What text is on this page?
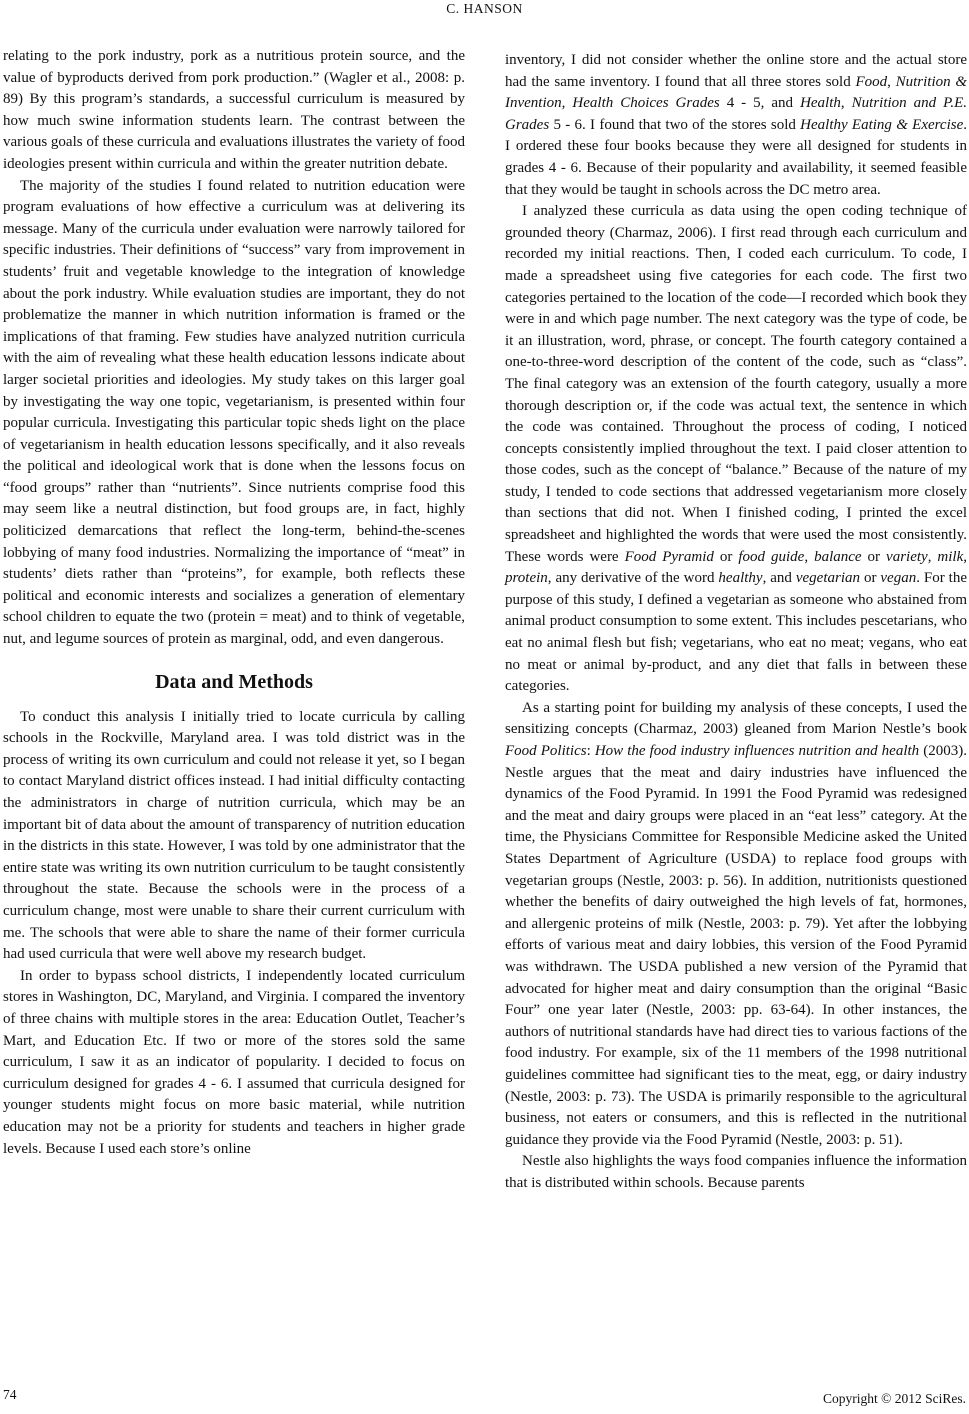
C. HANSON

relating to the pork industry, pork as a nutritious protein source, and the value of byproducts derived from pork production.” (Wagler et al., 2008: p. 89) By this program’s standards, a successful curriculum is measured by how much swine information students learn. The contrast between the various goals of these curricula and evaluations illustrates the variety of food ideologies present within curricula and within the greater nutrition debate.

The majority of the studies I found related to nutrition education were program evaluations of how effective a curriculum was at delivering its message. Many of the curricula under evaluation were narrowly tailored for specific industries. Their definitions of “success” vary from improvement in students’ fruit and vegetable knowledge to the integration of knowledge about the pork industry. While evaluation studies are important, they do not problematize the manner in which nutrition information is framed or the implications of that framing. Few studies have analyzed nutrition curricula with the aim of revealing what these health education lessons indicate about larger societal priorities and ideologies. My study takes on this larger goal by investigating the way one topic, vegetarianism, is presented within four popular curricula. Investigating this particular topic sheds light on the place of vegetarianism in health education lessons specifically, and it also reveals the political and ideological work that is done when the lessons focus on “food groups” rather than “nutrients”. Since nutrients comprise food this may seem like a neutral distinction, but food groups are, in fact, highly politicized demarcations that reflect the long-term, behind-the-scenes lobbying of many food industries. Normalizing the importance of “meat” in students’ diets rather than “proteins”, for example, both reflects these political and economic interests and socializes a generation of elementary school children to equate the two (protein = meat) and to think of vegetable, nut, and legume sources of protein as marginal, odd, and even dangerous.

Data and Methods

To conduct this analysis I initially tried to locate curricula by calling schools in the Rockville, Maryland area. I was told district was in the process of writing its own curriculum and could not release it yet, so I began to contact Maryland district offices instead. I had initial difficulty contacting the administrators in charge of nutrition curricula, which may be an important bit of data about the amount of transparency of nutrition education in the districts in this state. However, I was told by one administrator that the entire state was writing its own nutrition curriculum to be taught consistently throughout the state. Because the schools were in the process of a curriculum change, most were unable to share their current curriculum with me. The schools that were able to share the name of their former curricula had used curricula that were well above my research budget.

In order to bypass school districts, I independently located curriculum stores in Washington, DC, Maryland, and Virginia. I compared the inventory of three chains with multiple stores in the area: Education Outlet, Teacher’s Mart, and Education Etc. If two or more of the stores sold the same curriculum, I saw it as an indicator of popularity. I decided to focus on curriculum designed for grades 4 - 6. I assumed that curricula designed for younger students might focus on more basic material, while nutrition education may not be a priority for students and teachers in higher grade levels. Because I used each store’s online

inventory, I did not consider whether the online store and the actual store had the same inventory. I found that all three stores sold Food, Nutrition & Invention, Health Choices Grades 4 - 5, and Health, Nutrition and P.E. Grades 5 - 6. I found that two of the stores sold Healthy Eating & Exercise. I ordered these four books because they were all designed for students in grades 4 - 6. Because of their popularity and availability, it seemed feasible that they would be taught in schools across the DC metro area.

I analyzed these curricula as data using the open coding technique of grounded theory (Charmaz, 2006). I first read through each curriculum and recorded my initial reactions. Then, I coded each curriculum. To code, I made a spreadsheet using five categories for each code. The first two categories pertained to the location of the code—I recorded which book they were in and which page number. The next category was the type of code, be it an illustration, word, phrase, or concept. The fourth category contained a one-to-three-word description of the content of the code, such as “class”. The final category was an extension of the fourth category, usually a more thorough description or, if the code was actual text, the sentence in which the code was contained. Throughout the process of coding, I noticed concepts consistently implied throughout the text. I paid closer attention to those codes, such as the concept of “balance.” Because of the nature of my study, I tended to code sections that addressed vegetarianism more closely than sections that did not. When I finished coding, I printed the excel spreadsheet and highlighted the words that were used the most consistently. These words were Food Pyramid or food guide, balance or variety, milk, protein, any derivative of the word healthy, and vegetarian or vegan. For the purpose of this study, I defined a vegetarian as someone who abstained from animal product consumption to some extent. This includes pescetarians, who eat no animal flesh but fish; vegetarians, who eat no meat; vegans, who eat no meat or animal by-product, and any diet that falls in between these categories.

As a starting point for building my analysis of these concepts, I used the sensitizing concepts (Charmaz, 2003) gleaned from Marion Nestle’s book Food Politics: How the food industry influences nutrition and health (2003). Nestle argues that the meat and dairy industries have influenced the dynamics of the Food Pyramid. In 1991 the Food Pyramid was redesigned and the meat and dairy groups were placed in an “eat less” category. At the time, the Physicians Committee for Responsible Medicine asked the United States Department of Agriculture (USDA) to replace food groups with vegetarian groups (Nestle, 2003: p. 56). In addition, nutritionists questioned whether the benefits of dairy outweighed the high levels of fat, hormones, and allergenic proteins of milk (Nestle, 2003: p. 79). Yet after the lobbying efforts of various meat and dairy lobbies, this version of the Food Pyramid was withdrawn. The USDA published a new version of the Pyramid that advocated for higher meat and dairy consumption than the original “Basic Four” one year later (Nestle, 2003: pp. 63-64). In other instances, the authors of nutritional standards have had direct ties to various factions of the food industry. For example, six of the 11 members of the 1998 nutritional guidelines committee had significant ties to the meat, egg, or dairy industry (Nestle, 2003: p. 73). The USDA is primarily responsible to the agricultural business, not eaters or consumers, and this is reflected in the nutritional guidance they provide via the Food Pyramid (Nestle, 2003: p. 51).

Nestle also highlights the ways food companies influence the information that is distributed within schools. Because parents

74	Copyright © 2012 SciRes.
